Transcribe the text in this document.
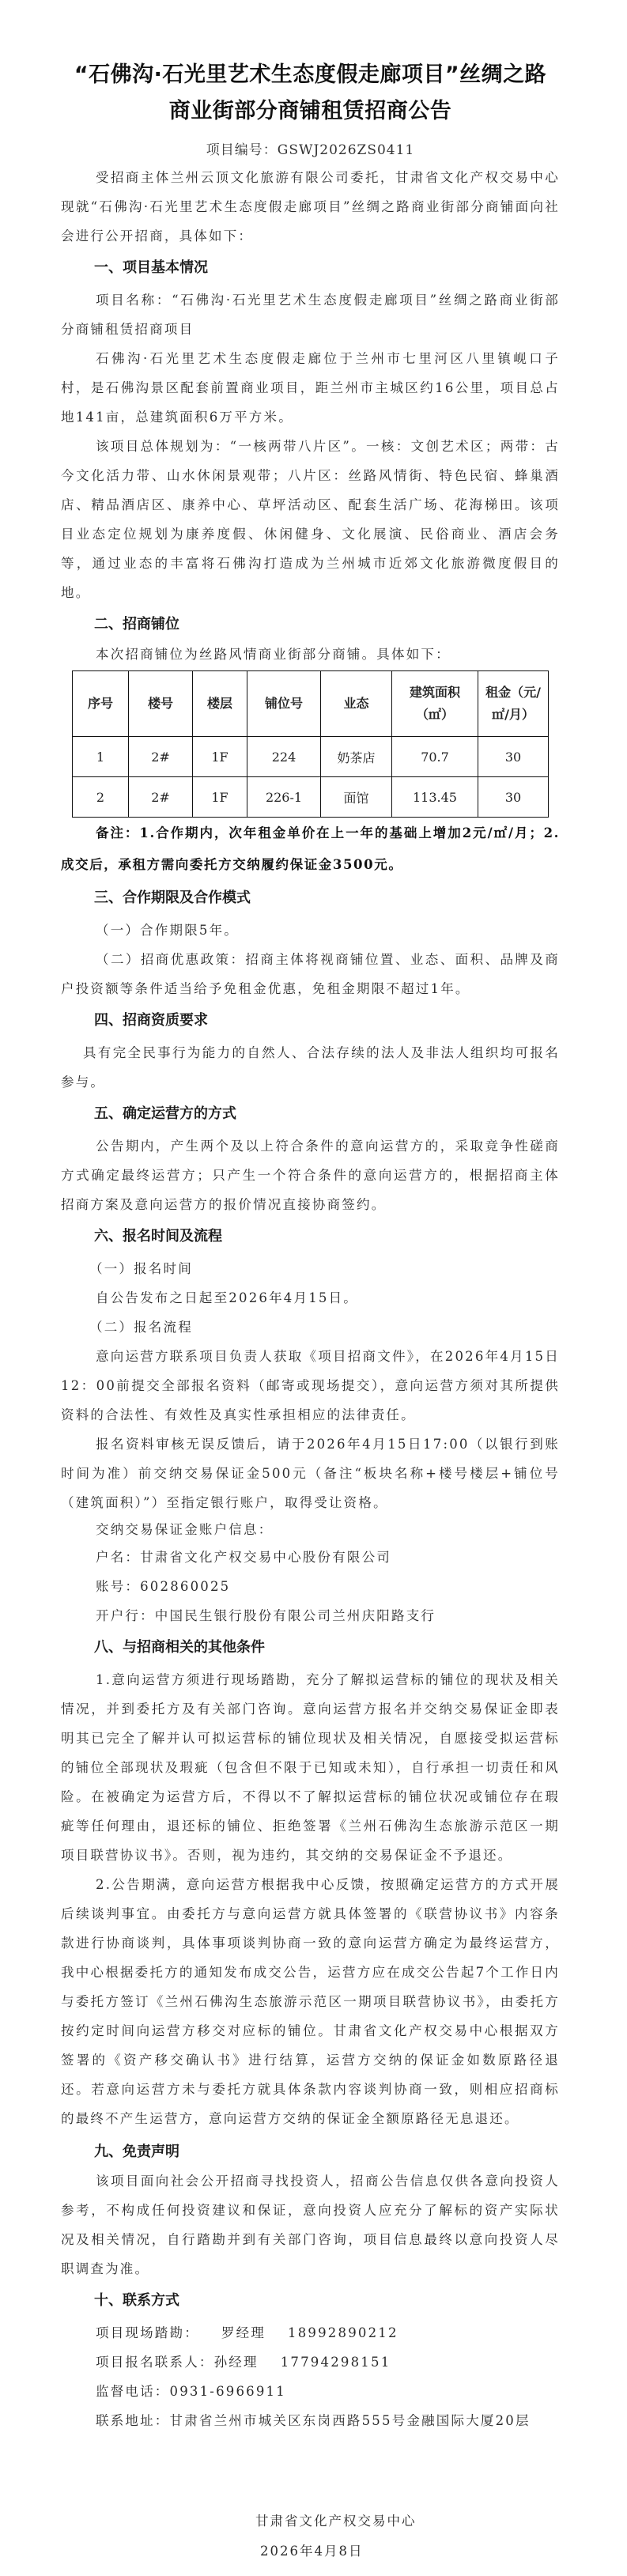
“石佛沟·石光里艺术生态度假走廊项目”丝绸之路商业街部分商铺租赁招商公告
项目编号：GSWJ2026ZS0411

受招商主体兰州云顶文化旅游有限公司委托，甘肃省文化产权交易中心现就“石佛沟·石光里艺术生态度假走廊项目”丝绸之路商业街部分商铺面向社会进行公开招商，具体如下：

一、项目基本情况

项目名称：“石佛沟·石光里艺术生态度假走廊项目”丝绸之路商业街部分商铺租赁招商项目

石佛沟·石光里艺术生态度假走廊位于兰州市七里河区八里镇岘口子村，是石佛沟景区配套前置商业项目，距兰州市主城区约16公里，项目总占地141亩，总建筑面积6万平方米。

该项目总体规划为：“一核两带八片区”。一核：文创艺术区；两带：古今文化活力带、山水休闲景观带；八片区：丝路风情街、特色民宿、蜂巢酒店、精品酒店区、康养中心、草坪活动区、配套生活广场、花海梯田。该项目业态定位规划为康养度假、休闲健身、文化展演、民俗商业、酒店会务等，通过业态的丰富将石佛沟打造成为兰州城市近郊文化旅游微度假目的地。

二、招商铺位

本次招商铺位为丝路风情商业街部分商铺。具体如下：

序号	楼号	楼层	铺位号	业态	建筑面积（㎡）	租金（元/㎡/月）
1	2#	1F	224	奶茶店	70.7	30
2	2#	1F	226-1	面馆	113.45	30

备注：1.合作期内，次年租金单价在上一年的基础上增加2元/㎡/月；2.成交后，承租方需向委托方交纳履约保证金3500元。

三、合作期限及合作模式

（一）合作期限5年。

（二）招商优惠政策：招商主体将视商铺位置、业态、面积、品牌及商户投资额等条件适当给予免租金优惠，免租金期限不超过1年。

四、招商资质要求

具有完全民事行为能力的自然人、合法存续的法人及非法人组织均可报名参与。

五、确定运营方的方式

公告期内，产生两个及以上符合条件的意向运营方的，采取竞争性磋商方式确定最终运营方；只产生一个符合条件的意向运营方的，根据招商主体招商方案及意向运营方的报价情况直接协商签约。

六、报名时间及流程

（一）报名时间

自公告发布之日起至2026年4月15日。

（二）报名流程

意向运营方联系项目负责人获取《项目招商文件》，在2026年4月15日12：00前提交全部报名资料（邮寄或现场提交），意向运营方须对其所提供资料的合法性、有效性及真实性承担相应的法律责任。

报名资料审核无误反馈后，请于2026年4月15日17:00（以银行到账时间为准）前交纳交易保证金500元（备注“板块名称+楼号楼层+铺位号（建筑面积）”）至指定银行账户，取得受让资格。

交纳交易保证金账户信息：

户名：甘肃省文化产权交易中心股份有限公司

账号：602860025

开户行：中国民生银行股份有限公司兰州庆阳路支行

八、与招商相关的其他条件

1.意向运营方须进行现场踏勘，充分了解拟运营标的铺位的现状及相关情况，并到委托方及有关部门咨询。意向运营方报名并交纳交易保证金即表明其已完全了解并认可拟运营标的铺位现状及相关情况，自愿接受拟运营标的铺位全部现状及瑕疵（包含但不限于已知或未知），自行承担一切责任和风险。在被确定为运营方后，不得以不了解拟运营标的铺位状况或铺位存在瑕疵等任何理由，退还标的铺位、拒绝签署《兰州石佛沟生态旅游示范区一期项目联营协议书》。否则，视为违约，其交纳的交易保证金不予退还。

2.公告期满，意向运营方根据我中心反馈，按照确定运营方的方式开展后续谈判事宜。由委托方与意向运营方就具体签署的《联营协议书》内容条款进行协商谈判，具体事项谈判协商一致的意向运营方确定为最终运营方，我中心根据委托方的通知发布成交公告，运营方应在成交公告起7个工作日内与委托方签订《兰州石佛沟生态旅游示范区一期项目联营协议书》，由委托方按约定时间向运营方移交对应标的铺位。甘肃省文化产权交易中心根据双方签署的《资产移交确认书》进行结算，运营方交纳的保证金如数原路径退还。若意向运营方未与委托方就具体条款内容谈判协商一致，则相应招商标的最终不产生运营方，意向运营方交纳的保证金全额原路径无息退还。

九、免责声明

该项目面向社会公开招商寻找投资人，招商公告信息仅供各意向投资人参考，不构成任何投资建议和保证，意向投资人应充分了解标的资产实际状况及相关情况，自行踏勘并到有关部门咨询，项目信息最终以意向投资人尽职调查为准。

十、联系方式

项目现场踏勘： 罗经理 18992890212

项目报名联系人：孙经理 17794298151

监督电话：0931-6966911

联系地址：甘肃省兰州市城关区东岗西路555号金融国际大厦20层

甘肃省文化产权交易中心
2026年4月8日
